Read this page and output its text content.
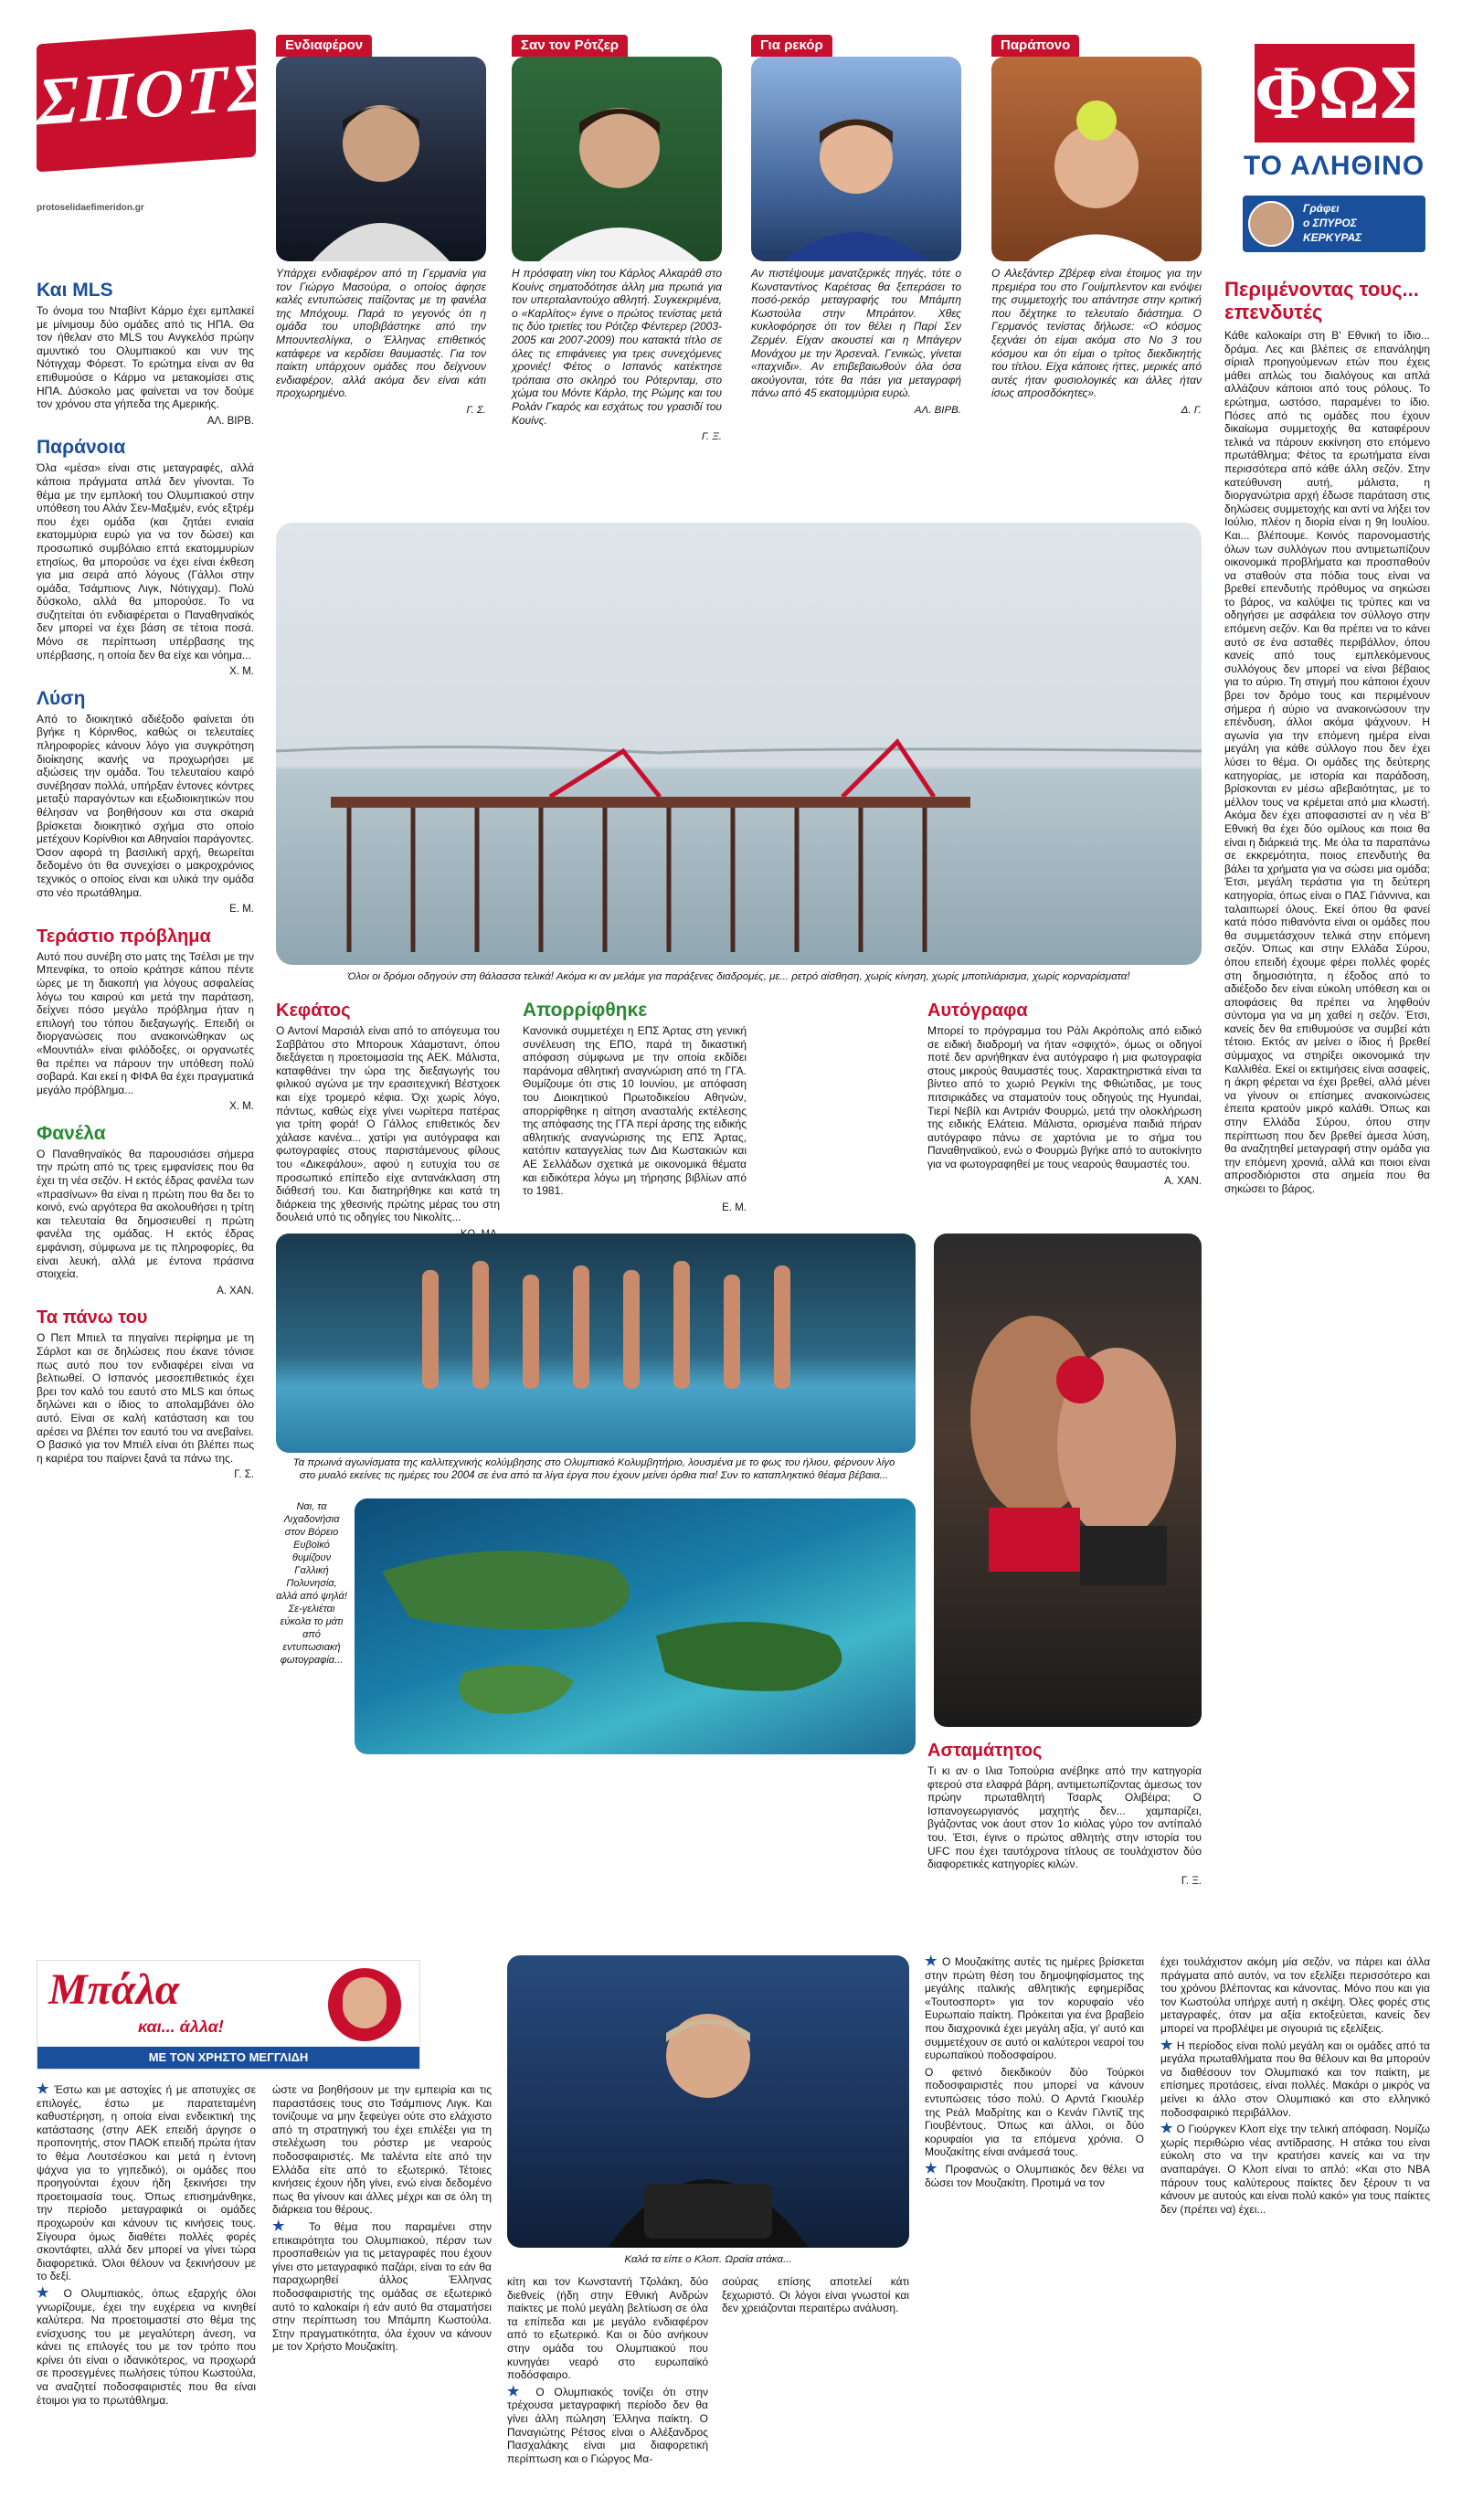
ΣΠΟΤΣ
protoselidaefimeridon.gr
Ενδιαφέρον	Σαν τον Ρότζερ	Για ρεκόρ	Παράπονο
ΦΩΣ
ΤΟ ΑΛΗΘΙΝΟ
Γράφει
ο ΣΠΥΡΟΣ
ΚΕΡΚΥΡΑΣ

Υπάρχει ενδιαφέρον από τη Γερμανία για τον Γιώργο Μασούρα, ο οποίος άφησε καλές εντυπώσεις παίζοντας με τη φανέλα της Μπόχουμ. Παρά το γεγονός ότι η ομάδα του υποβιβάστηκε από την Μπουντεσλίγκα, ο Έλληνας επιθετικός κατάφερε να κερδίσει θαυμαστές. Για τον παίκτη υπάρχουν ομάδες που δείχνουν ενδιαφέρον, αλλά ακόμα δεν είναι κάτι προχωρημένο.

Γ. Σ.

Η πρόσφατη νίκη του Κάρλος Αλκαράθ στο Κουίνς σηματοδότησε άλλη μια πρωτιά για τον υπερταλαντούχο αθλητή. Συγκεκριμένα, ο «Καρλίτος» έγινε ο πρώτος τενίστας μετά τις δύο τριετίες του Ρότζερ Φέντερερ (2003-2005 και 2007-2009) που κατακτά τίτλο σε όλες τις επιφάνειες για τρεις συνεχόμενες χρονιές! Φέτος ο Ισπανός κατέκτησε τρόπαια στο σκληρό του Ρότερνταμ, στο χώμα του Μόντε Κάρλο, της Ρώμης και του Ρολάν Γκαρός και εσχάτως του γρασιδί του Κουίνς.

Γ. Ξ.

Αν πιστέψουμε μανατζερικές πηγές, τότε ο Κωνσταντίνος Καρέτσας θα ξεπεράσει το ποσό-ρεκόρ μεταγραφής του Μπάμπη Κωστούλα στην Μπράιτον. Χθες κυκλοφόρησε ότι τον θέλει η Παρί Σεν Ζερμέν. Είχαν ακουστεί και η Μπάγερν Μονάχου με την Άρσεναλ. Γενικώς, γίνεται «παχνιδι». Αν επιβεβαιωθούν όλα όσα ακούγονται, τότε θα πάει για μεταγραφή πάνω από 45 εκατομμύρια ευρώ.

ΑΛ. ΒΙΡΒ.

Ο Αλεξάντερ Ζβέρεφ είναι έτοιμος για την πρεμιέρα του στο Γουίμπλεντον και ενόψει της συμμετοχής του απάντησε στην κριτική που δέχτηκε το τελευταίο διάστημα. Ο Γερμανός τενίστας δήλωσε: «Ο κόσμος ξεχνάει ότι είμαι ακόμα στο Νο 3 του κόσμου και ότι είμαι ο τρίτος διεκδικητής του τίτλου. Είχα κάποιες ήττες, μερικές από αυτές ήταν φυσιολογικές και άλλες ήταν ίσως απροσδόκητες».

Δ. Γ.
Και MLS

Το όνομα του Νταβίντ Κάρμο έχει εμπλακεί με μίνιμουμ δύο ομάδες από τις ΗΠΑ. Θα τον ήθελαν στο MLS του Ανγκελόσ πρώην αμυντικό του Ολυμπιακού και νυν της Νότιγχαμ Φόρεστ. Το ερώτημα είναι αν θα επιθυμούσε ο Κάρμο να μετακομίσει στις ΗΠΑ. Δύσκολο μας φαίνεται να τον δούμε τον χρόνου στα γήπεδα της Αμερικής.

ΑΛ. ΒΙΡΒ.
Παράνοια

Όλα «μέσα» είναι στις μεταγραφές, αλλά κάποια πράγματα απλά δεν γίνονται. Το θέμα με την εμπλοκή του Ολυμπιακού στην υπόθεση του Αλάν Σεν-Μαξιμέν, ενός εξτρέμ που έχει ομάδα (και ζητάει ενιαία εκατομμύρια ευρώ για να τον δώσει) και προσωπικό συμβόλαιο επτά εκατομμυρίων ετησίως, θα μπορούσε να έχει είναι έκθεση για μια σειρά από λόγους (Γάλλοι στην ομάδα, Τσάμπιονς Λιγκ, Νότιγχαμ). Πολύ δύσκολο, αλλά θα μπορούσε. Το να συζητείται ότι ενδιαφέρεται ο Παναθηναϊκός δεν μπορεί να έχει βάση σε τέτοια ποσά. Μόνο σε περίπτωση υπέρβασης της υπέρβασης, η οποία δεν θα είχε και νόημα...

Χ. Μ.
Λύση

Από το διοικητικό αδιέξοδο φαίνεται ότι βγήκε η Κόρινθος, καθώς οι τελευταίες πληροφορίες κάνουν λόγο για συγκρότηση διοίκησης ικανής να προχωρήσει με αξιώσεις την ομάδα. Του τελευταίου καιρό συνέβησαν πολλά, υπήρξαν έντονες κόντρες μεταξύ παραγόντων και εξωδιοικητικών που θέλησαν να βοηθήσουν και στα σκαριά βρίσκεται διοικητικό σχήμα στο οποίο μετέχουν Κορίνθιοι και Αθηναίοι παράγοντες. Όσον αφορά τη βασιλική αρχή, θεωρείται δεδομένο ότι θα συνεχίσει ο μακροχρόνιος τεχνικός ο οποίος είναι και υλικά την ομάδα στο νέο πρωτάθλημα.

Ε. Μ.
Τεράστιο πρόβλημα

Αυτό που συνέβη στο ματς της Τσέλσι με την Μπενφίκα, το οποίο κράτησε κάπου πέντε ώρες με τη διακοπή για λόγους ασφαλείας λόγω του καιρού και μετά την παράταση, δείχνει πόσο μεγάλο πρόβλημα ήταν η επιλογή του τόπου διεξαγωγής. Επειδή οι διοργανώσεις που ανακοινώθηκαν ως «Μουντιάλ» είναι φιλόδοξες, οι οργανωτές θα πρέπει να πάρουν την υπόθεση πολύ σοβαρά. Και εκεί η ΦΙΦΑ θα έχει πραγματικά μεγάλο πρόβλημα...

Χ. Μ.
Φανέλα

Ο Παναθηναϊκός θα παρουσιάσει σήμερα την πρώτη από τις τρεις εμφανίσεις που θα έχει τη νέα σεζόν. Η εκτός έδρας φανέλα των «πρασίνων» θα είναι η πρώτη που θα δει το κοινό, ενώ αργότερα θα ακολουθήσει η τρίτη και τελευταία θα δημοσιευθεί η πρώτη φανέλα της ομάδας. Η εκτός έδρας εμφάνιση, σύμφωνα με τις πληροφορίες, θα είναι λευκή, αλλά με έντονα πράσινα στοιχεία.

Α. ΧΑΝ.
Τα πάνω του

Ο Πεπ Μπιελ τα πηγαίνει περίφημα με τη Σάρλοτ και σε δηλώσεις που έκανε τόνισε πως αυτό που τον ενδιαφέρει είναι να βελτιωθεί. Ο Ισπανός μεσοεπιθετικός έχει βρει τον καλό του εαυτό στο MLS και όπως δηλώνει και ο ίδιος το απολαμβάνει όλο αυτό. Είναι σε καλή κατάσταση και του αρέσει να βλέπει τον εαυτό του να ανεβαίνει. Ο βασικό για τον Μπιέλ είναι ότι βλέπει πως η καριέρα του παίρνει ξανά τα πάνω της.

Γ. Σ.
Περιμένοντας τους... επενδυτές

Κάθε καλοκαίρι στη Β' Εθνική το ίδιο... δράμα. Λες και βλέπεις σε επανάληψη σίριαλ προηγούμενων ετών που έχεις μάθει απλώς του διαλόγους και απλά αλλάζουν κάποιοι από τους ρόλους. Το ερώτημα, ωστόσο, παραμένει το ίδιο. Πόσες από τις ομάδες που έχουν δικαίωμα συμμετοχής θα καταφέρουν τελικά να πάρουν εκκίνηση στο επόμενο πρωτάθλημα; Φέτος τα ερωτήματα είναι περισσότερα από κάθε άλλη σεζόν. Στην κατεύθυνση αυτή, μάλιστα, η διοργανώτρια αρχή έδωσε παράταση στις δηλώσεις συμμετοχής και αντί να λήξει τον Ιούλιο, πλέον η διορία είναι η 9η Ιουλίου. Και... βλέπουμε. Κοινός παρονομαστής όλων των συλλόγων που αντιμετωπίζουν οικονομικά προβλήματα και προσπαθούν να σταθούν στα πόδια τους είναι να βρεθεί επενδυτής πρόθυμος να σηκώσει το βάρος, να καλύψει τις τρύπες και να οδηγήσει με ασφάλεια τον σύλλογο στην επόμενη σεζόν. Και θα πρέπει να το κάνει αυτό σε ένα ασταθές περιβάλλον, όπου κανείς από τους εμπλεκόμενους συλλόγους δεν μπορεί να είναι βέβαιος για το αύριο. Τη στιγμή που κάποιοι έχουν βρει τον δρόμο τους και περιμένουν σήμερα ή αύριο να ανακοινώσουν την επένδυση, άλλοι ακόμα ψάχνουν. Η αγωνία για την επόμενη ημέρα είναι μεγάλη για κάθε σύλλογο που δεν έχει λύσει το θέμα. Οι ομάδες της δεύτερης κατηγορίας, με ιστορία και παράδοση, βρίσκονται εν μέσω αβεβαιότητας, με το μέλλον τους να κρέμεται από μια κλωστή. Ακόμα δεν έχει αποφασιστεί αν η νέα Β' Εθνική θα έχει δύο ομίλους και ποια θα είναι η διάρκειά της. Με όλα τα παραπάνω σε εκκρεμότητα, ποιος επενδυτής θα βάλει τα χρήματα για να σώσει μια ομάδα; Έτσι, μεγάλη τεράστια για τη δεύτερη κατηγορία, όπως είναι ο ΠΑΣ Γιάννινα, και ταλαιπωρεί όλους. Εκεί όπου θα φανεί κατά πόσο πιθανόντα είναι οι ομάδες που θα συμμετάσχουν τελικά στην επόμενη σεζόν. Όπως και στην Ελλάδα Σύρου, όπου επειδή έχουμε φέρει πολλές φορές στη δημοσιότητα, η έξοδος από το αδιέξοδο δεν είναι εύκολη υπόθεση και οι αποφάσεις θα πρέπει να ληφθούν σύντομα για να μη χαθεί η σεζόν. Έτσι, κανείς δεν θα επιθυμούσε να συμβεί κάτι τέτοιο. Εκτός αν μείνει ο ίδιος ή βρεθεί σύμμαχος να στηρίξει οικονομικά την Καλλιθέα. Εκεί οι εκτιμήσεις είναι ασαφείς, η άκρη φέρεται να έχει βρεθεί, αλλά μένει να γίνουν οι επίσημες ανακοινώσεις έπειτα κρατούν μικρό καλάθι. Όπως και στην Ελλάδα Σύρου, όπου στην περίπτωση που δεν βρεθεί άμεσα λύση, θα αναζητηθεί μεταγραφή στην ομάδα για την επόμενη χρονιά, αλλά και ποιοι είναι απροσδιόριστοι στα σημεία που θα σηκώσει το βάρος.

Όλοι οι δρόμοι οδηγούν στη θάλασσα τελικά! Ακόμα κι αν μελάμε για παράξενες διαδρομές, με... ρετρό αίσθηση, χωρίς κίνηση, χωρίς μποτιλιάρισμα, χωρίς κορναρίσματα!
Κεφάτος

Ο Αντονί Μαρσιάλ είναι από το απόγευμα του Σαββάτου στο Μπορουκ Χάαμσταντ, όπου διεξάγεται η προετοιμασία της ΑΕΚ. Μάλιστα, καταφθάνει την ώρα της διεξαγωγής του φιλικού αγώνα με την ερασιτεχνική Βέστχοεκ και είχε τρομερό κέφια. Όχι χωρίς λόγο, πάντως, καθώς είχε γίνει νωρίτερα πατέρας για τρίτη φορά! Ο Γάλλος επιθετικός δεν χάλασε κανένα... χατίρι για αυτόγραφα και φωτογραφίες στους παριστάμενους φίλους του «Δικεφάλου», αφού η ευτυχία του σε προσωπικό επίπεδο είχε αντανάκλαση στη διάθεσή του. Και διατηρήθηκε και κατά τη διάρκεια της χθεσινής πρώτης μέρας του στη δουλειά υπό τις οδηγίες του Νικολίτς...

Απορρίφθηκε

Κανονικά συμμετέχει η ΕΠΣ Άρτας στη γενική συνέλευση της ΕΠΟ, παρά τη δικαστική απόφαση σύμφωνα με την οποία εκδίδει παράνομα αθλητική αναγνώριση από τη ΓΓΑ. Θυμίζουμε ότι στις 10 Ιουνίου, με απόφαση του Διοικητικού Πρωτοδικείου Αθηνών, απορρίφθηκε η αίτηση ανασταλής εκτέλεσης της απόφασης της ΓΓΑ περί άρσης της ειδικής αθλητικής αναγνώρισης της ΕΠΣ Άρτας, κατόπιν καταγγελίας των Δια Κωστακιών και ΑΕ Σελλάδων σχετικά με οικονομικά θέματα και ειδικότερα λόγω μη τήρησης βιβλίων από το 1981.

Ε. Μ.
Αυτόγραφα

Μπορεί το πρόγραμμα του Ράλι Ακρόπολις από ειδικό σε ειδική διαδρομή να ήταν «σφιχτό», όμως οι οδηγοί ποτέ δεν αρνήθηκαν ένα αυτόγραφο ή μια φωτογραφία στους μικρούς θαυμαστές τους. Χαρακτηριστικά είναι τα βίντεο από το χωριό Ρεγκίνι της Φθιώτιδας, με τους πιτσιρικάδες να σταματούν τους οδηγούς της Hyundai, Τιερί Νεβίλ και Αντριάν Φουρμώ, μετά την ολοκλήρωση της ειδικής Ελάτεια. Μάλιστα, ορισμένα παιδιά πήραν αυτόγραφο πάνω σε χαρτόνια με το σήμα του Παναθηναϊκού, ενώ ο Φουρμώ βγήκε από το αυτοκίνητο για να φωτογραφηθεί με τους νεαρούς θαυμαστές του.

Α. ΧΑΝ.
Τα πρωινά αγωνίσματα της καλλιτεχνικής κολύμβησης στο Ολυμπιακό Κολυμβητήριο, λουσμένα με το φως του ήλιου, φέρνουν λίγο στο μυαλό εκείνες τις ημέρες του 2004 σε ένα από τα λίγα έργα που έχουν μείνει όρθια πια! Συν το καταπληκτικό θέαμα βέβαια...
Ναι, τα Λιχαδονήσια στον Βόρειο Ευβοϊκό θυμίζουν Γαλλική Πολυνησία, αλλά από ψηλά! Σε-γελιέται εύκολα το μάτι από εντυπωσιακή φωτογραφία...
Ασταμάτητος

Τι κι αν ο Ιλια Τοπούρια ανέβηκε από την κατηγορία φτερού στα ελαφρά βάρη, αντιμετωπίζοντας άμεσως τον πρώην πρωταθλητή Τσαρλς Ολιβέιρα; Ο Ισπανογεωργιανός μαχητής δεν... χαμπαρίζει, βγάζοντας νοκ άουτ στον 1ο κιόλας γύρο τον αντίπαλό του. Έτσι, έγινε ο πρώτος αθλητής στην ιστορία του UFC που έχει ταυτόχρονα τίτλους σε τουλάχιστον δύο διαφορετικές κατηγορίες κιλών.

Γ. Ξ.
Μπάλα
και... άλλα!
ΜΕ ΤΟΝ ΧΡΗΣΤΟ ΜΕΓΓΛΙΔΗ
Καλά τα είπε ο Κλοπ. Ωραία ατάκα...

★ Έστω και με αστοχίες ή με αποτυχίες σε επιλογές, έστω με παρατεταμένη καθυστέρηση, η οποία είναι ενδεικτική της κατάστασης (στην ΑΕΚ επειδή άργησε ο προπονητής, στον ΠΑΟΚ επειδή πρώτα ήταν το θέμα Λουτσέσκου και μετά η έντονη ψάχνα για το γηπεδικό), οι ομάδες που προηγούνται έχουν ήδη ξεκινήσει την προετοιμασία τους. Όπως επισημάνθηκε, την περίοδο μεταγραφικά οι ομάδες προχωρούν και κάνουν τις κινήσεις τους. Σίγουρα όμως διαθέτει πολλές φορές σκοντάφτει, αλλά δεν μπορεί να γίνει τώρα διαφορετικά. Όλοι θέλουν να ξεκινήσουν με το δεξί.

★ Ο Ολυμπιακός, όπως εξαρχής όλοι γνωρίζουμε, έχει την ευχέρεια να κινηθεί καλύτερα. Να προετοιμαστεί στο θέμα της ενίσχυσης του με μεγαλύτερη άνεση, να κάνει τις επιλογές του με τον τρόπο που κρίνει ότι είναι ο ιδανικότερος, να προχωρά σε προσεγμένες πωλήσεις τύπου Κωστούλα, να αναζητεί ποδοσφαιριστές που θα είναι έτοιμοι για το πρωτάθλημα.

ώστε να βοηθήσουν με την εμπειρία και τις παραστάσεις τους στο Τσάμπιονς Λιγκ. Και τονίζουμε να μην ξεφεύγει ούτε στο ελάχιστο από τη στρατηγική του έχει επιλέξει για τη στελέχωση του ρόστερ με νεαρούς ποδοσφαιριστές. Με ταλέντα είτε από την Ελλάδα είτε από το εξωτερικό. Τέτοιες κινήσεις έχουν ήδη γίνει, ενώ είναι δεδομένο πως θα γίνουν και άλλες μέχρι και σε όλη τη διάρκεια του θέρους.

★ Το θέμα που παραμένει στην επικαιρότητα του Ολυμπιακού, πέραν των προσπαθειών για τις μεταγραφές που έχουν γίνει στο μεταγραφικό παζάρι, είναι το εάν θα παραχωρηθεί άλλος Έλληνας ποδοσφαιριστής της ομάδας σε εξωτερικό αυτό το καλοκαίρι ή εάν αυτό θα σταματήσει στην περίπτωση του Μπάμπη Κωστούλα. Στην πραγματικότητα, όλα έχουν να κάνουν με τον Χρήστο Μουζακίτη.

κίτη και τον Κωνσταντή Τζολάκη, δύο διεθνείς (ήδη στην Εθνική Ανδρών παίκτες με πολύ μεγάλη βελτίωση σε όλα τα επίπεδα και με μεγάλο ενδιαφέρον από το εξωτερικό. Και οι δύο ανήκουν στην ομάδα του Ολυμπιακού που κυνηγάει νεαρό στο ευρωπαϊκό ποδόσφαιρο.

★ Ο Ολυμπιακός τονίζει ότι στην τρέχουσα μεταγραφική περίοδο δεν θα γίνει άλλη πώληση Έλληνα παίκτη. Ο Παναγιώτης Ρέτσος είναι ο Αλέξανδρος Πασχαλάκης είναι μια διαφορετική περίπτωση και ο Γιώργος Μα-

σούρας επίσης αποτελεί κάτι ξεχωριστό. Οι λόγοι είναι γνωστοί και δεν χρειάζονται περαιτέρω ανάλυση.

★ Ο Μουζακίτης αυτές τις ημέρες βρίσκεται στην πρώτη θέση του δημοψηφίσματος της μεγάλης ιταλικής αθλητικής εφημερίδας «Τουτοσπορτ» για τον κορυφαίο νέο Ευρωπαίο παίκτη. Πρόκειται για ένα βραβείο που διαχρονικά έχει μεγάλη αξία, γι' αυτό και συμμετέχουν σε αυτό οι καλύτεροι νεαροί του ευρωπαϊκού ποδοσφαίρου.

Ο φετινό διεκδικούν δύο Τούρκοι ποδοσφαιριστές που μπορεί να κάνουν εντυπώσεις τόσο πολύ. Ο Αρντά Γκιουλέρ της Ρεάλ Μαδρίτης και ο Κενάν Γιλντίζ της Γιουβέντους. Όπως και άλλοι, οι δύο κορυφαίοι για τα επόμενα χρόνια. Ο Μουζακίτης είναι ανάμεσά τους.

★ Προφανώς ο Ολυμπιακός δεν θέλει να δώσει τον Μουζακίτη. Προτιμά να τον

έχει τουλάχιστον ακόμη μία σεζόν, να πάρει και άλλα πράγματα από αυτόν, να τον εξελίξει περισσότερο και του χρόνου βλέποντας και κάνοντας. Μόνο που και για τον Κωστούλα υπήρχε αυτή η σκέψη. Όλες φορές στις μεταγραφές, όταν μα αξία εκτοξεύεται, κανείς δεν μπορεί να προβλέψει με σιγουριά τις εξελίξεις.

★ Η περίοδος είναι πολύ μεγάλη και οι ομάδες από τα μεγάλα πρωταθλήματα που θα θέλουν και θα μπορούν να διαθέσουν τον Ολυμπιακό και τον παίκτη, με επίσημες προτάσεις, είναι πολλές. Μακάρι ο μικρός να μείνει κι άλλο στον Ολυμπιακό και στο ελληνικό ποδοσφαιρικό περιβάλλον.

★ Ο Γιούργκεν Κλοπ είχε την τελική απόφαση. Νομίζω χωρίς περιθώριο νέας αντίδρασης. Η ατάκα του είναι εύκολη στο να την κρατήσει κανείς και να την αναπαράγει. Ο Κλοπ είναι το απλό: «Και στο NBA πάρουν τους καλύτερους παίκτες δεν ξέρουν τι να κάνουν με αυτούς και είναι πολύ κακό» για τους παίκτες δεν (πρέπει να) έχει...
